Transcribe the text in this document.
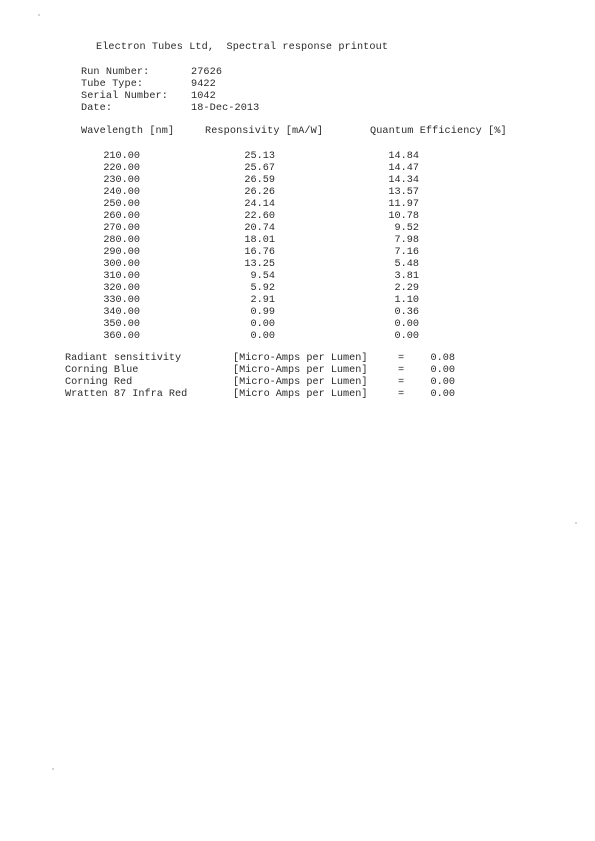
Electron Tubes Ltd,  Spectral response printout
Run Number:	27626
Tube Type:	9422
Serial Number: 1042
Date:	18-Dec-2013
Wavelength [nm]	Responsivity [mA/W]	Quantum Efficiency [%]
210.00	25.13	14.84
220.00	25.67	14.47
230.00	26.59	14.34
240.00	26.26	13.57
250.00	24.14	11.97
260.00	22.60	10.78
270.00	20.74	9.52
280.00	18.01	7.98
290.00	16.76	7.16
300.00	13.25	5.48
310.00	9.54	3.81
320.00	5.92	2.29
330.00	2.91	1.10
340.00	0.99	0.36
350.00	0.00	0.00
360.00	0.00	0.00
Radiant sensitivity	[Micro-Amps per Lumen]	=	0.08
Corning Blue	[Micro-Amps per Lumen]	=	0.00
Corning Red	[Micro-Amps per Lumen]	=	0.00
Wratten 87 Infra Red	[Micro Amps per Lumen]	=	0.00
